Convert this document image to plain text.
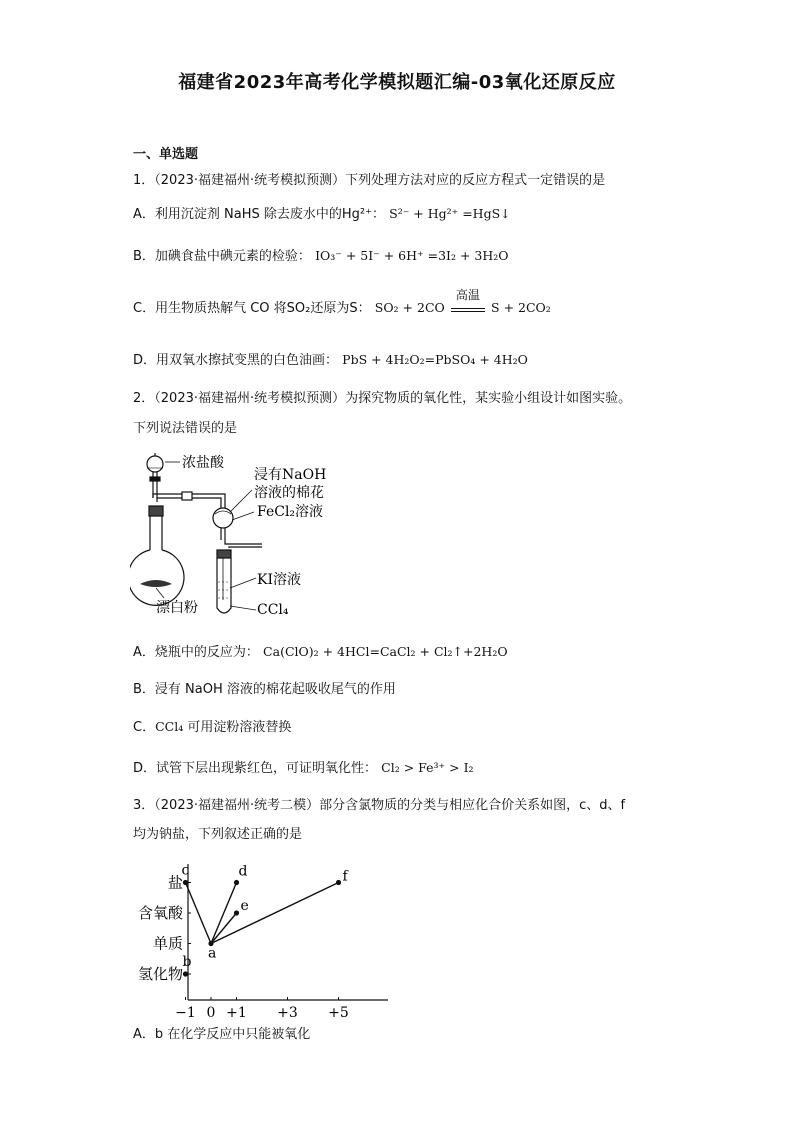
福建省2023年高考化学模拟题汇编-03氧化还原反应
一、单选题
1．（2023·福建福州·统考模拟预测）下列处理方法对应的反应方程式一定错误的是
A．利用沉淀剂 NaHS 除去废水中的Hg²⁺： S²⁻ + Hg²⁺ =HgS↓
B．加碘食盐中碘元素的检验： IO₃⁻ + 5I⁻ + 6H⁺ =3I₂ + 3H₂O
C．用生物质热解气 CO 将SO₂还原为S： SO₂ + 2CO
高温
S + 2CO₂
D．用双氧水擦拭变黑的白色油画： PbS + 4H₂O₂=PbSO₄ + 4H₂O
2．（2023·福建福州·统考模拟预测）为探究物质的氧化性，某实验小组设计如图实验。
下列说法错误的是
浓盐酸
浸有NaOH
溶液的棉花
FeCl₂溶液
KI溶液
CCl₄
漂白粉
A．烧瓶中的反应为： Ca(ClO)₂ + 4HCl=CaCl₂ + Cl₂↑+2H₂O
B．浸有 NaOH 溶液的棉花起吸收尾气的作用
C．CCl₄ 可用淀粉溶液替换
D．试管下层出现紫红色，可证明氧化性： Cl₂ > Fe³⁺ > I₂
3．（2023·福建福州·统考二模）部分含氯物质的分类与相应化合价关系如图，c、d、f
均为钠盐，下列叙述正确的是
氢化物
单质
含氧酸
盐
−1 0 +1 +3 +5
a
b
c	d
e
f
A．b 在化学反应中只能被氧化
